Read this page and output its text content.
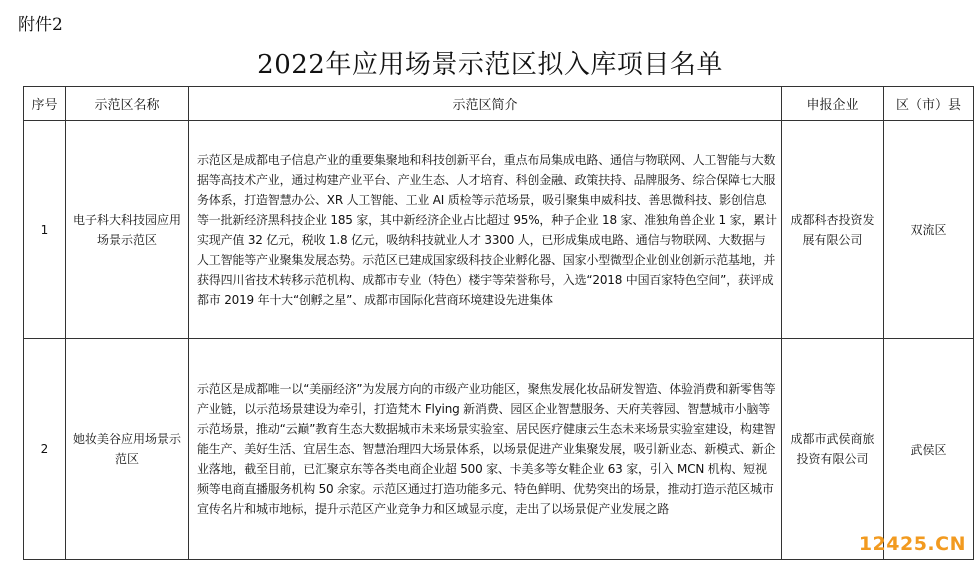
附件2
2022年应用场景示范区拟入库项目名单
序号	示范区名称	示范区简介	申报企业	区（市）县
1	电子科大科技园应用场景示范区	示范区是成都电子信息产业的重要集聚地和科技创新平台，重点布局集成电路、通信与物联网、人工智能与大数据等高技术产业，通过构建产业平台、产业生态、人才培育、科创金融、政策扶持、品牌服务、综合保障七大服务体系，打造智慧办公、XR 人工智能、工业 AI 质检等示范场景，吸引聚集申威科技、善思微科技、影创信息等一批新经济黑科技企业 185 家，其中新经济企业占比超过 95%，种子企业 18 家、准独角兽企业 1 家，累计实现产值 32 亿元，税收 1.8 亿元，吸纳科技就业人才 3300 人，已形成集成电路、通信与物联网、大数据与人工智能等产业聚集发展态势。示范区已建成国家级科技企业孵化器、国家小型微型企业创业创新示范基地，并获得四川省技术转移示范机构、成都市专业（特色）楼宇等荣誉称号，入选“2018 中国百家特色空间”，获评成都市 2019 年十大“创孵之星”、成都市国际化营商环境建设先进集体	成都科杏投资发展有限公司	双流区
2	她妆美谷应用场景示范区	示范区是成都唯一以“美丽经济”为发展方向的市级产业功能区，聚焦发展化妆品研发智造、体验消费和新零售等产业链，以示范场景建设为牵引，打造梵木 Flying 新消费、园区企业智慧服务、天府芙蓉园、智慧城市小脑等示范场景，推动“云巅”教育生态大数据城市未来场景实验室、居民医疗健康云生态未来场景实验室建设，构建智能生产、美好生活、宜居生态、智慧治理四大场景体系，以场景促进产业集聚发展，吸引新业态、新模式、新企业落地，截至目前，已汇聚京东等各类电商企业超 500 家、卡美多等女鞋企业 63 家，引入 MCN 机构、短视频等电商直播服务机构 50 余家。示范区通过打造功能多元、特色鲜明、优势突出的场景，推动打造示范区城市宣传名片和城市地标，提升示范区产业竞争力和区域显示度，走出了以场景促产业发展之路	成都市武侯商旅投资有限公司	武侯区
12425.CN
